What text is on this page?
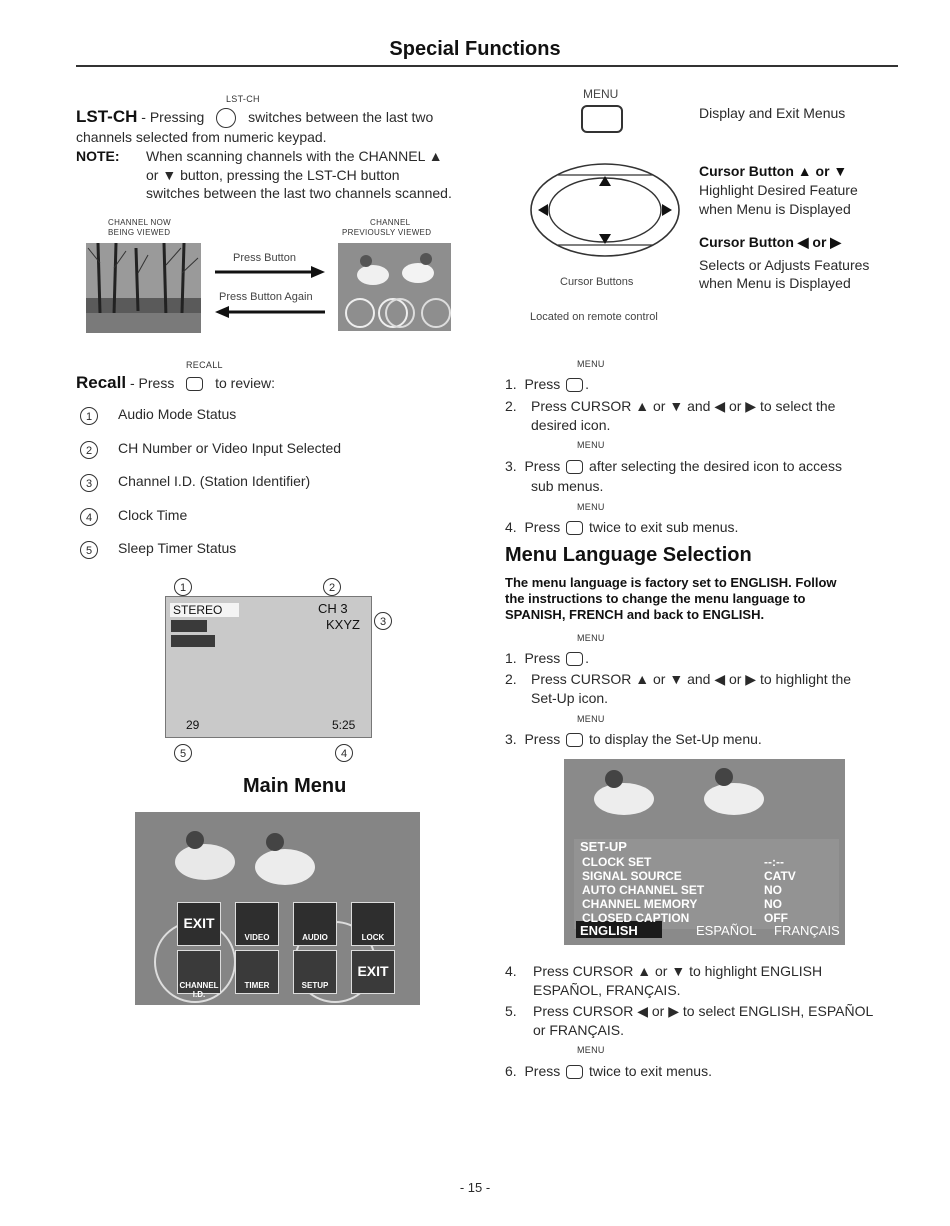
Special Functions
LST-CH
LST-CH - Pressing	switches between the last two
channels selected from numeric keypad.
NOTE: When scanning channels with the CHANNEL ▲
or ▼ button, pressing the LST-CH button
switches between the last two channels scanned.
CHANNEL NOW
BEING VIEWED
CHANNEL
PREVIOUSLY VIEWED
Press Button
Press Button Again
RECALL
Recall - Press	to review:
1	Audio Mode Status
2	CH Number or Video Input Selected
3	Channel I.D. (Station Identifier)
4	Clock Time
5	Sleep Timer Status
1	2
STEREO	CH 3
KXYZ
29	5:25
3
5	4
Main Menu
EXIT
VIDEO	AUDIO	LOCK
CHANNEL I.D.
TIMER	SETUP
EXIT
MENU
Display and Exit Menus
Cursor Button ▲ or ▼
Highlight Desired Feature
when Menu is Displayed
Cursor Button ◀ or ▶
Selects or Adjusts Features
when Menu is Displayed
Cursor Buttons
Located on remote control
MENU
1. Press .
2. Press CURSOR ▲ or ▼ and ◀ or ▶ to select the
desired icon.
MENU
3. Press after selecting the desired icon to access
sub menus.
MENU
4. Press twice to exit sub menus.
Menu Language Selection
The menu language is factory set to ENGLISH. Follow
the instructions to change the menu language to
SPANISH, FRENCH and back to ENGLISH.
MENU
1. Press .
2. Press CURSOR ▲ or ▼ and ◀ or ▶ to highlight the
Set-Up icon.
MENU
3. Press to display the Set-Up menu.
SET-UP
ENGLISH	ESPAÑOL FRANÇAIS
CLOCK SET	--:--
SIGNAL SOURCE	CATV
AUTO CHANNEL SET	NO
CHANNEL MEMORY	NO
CLOSED CAPTION	OFF
4. Press CURSOR ▲ or ▼ to highlight ENGLISH
ESPAÑOL, FRANÇAIS.
5. Press CURSOR ◀ or ▶ to select ENGLISH, ESPAÑOL
or FRANÇAIS.
MENU
6. Press twice to exit menus.
- 15 -
